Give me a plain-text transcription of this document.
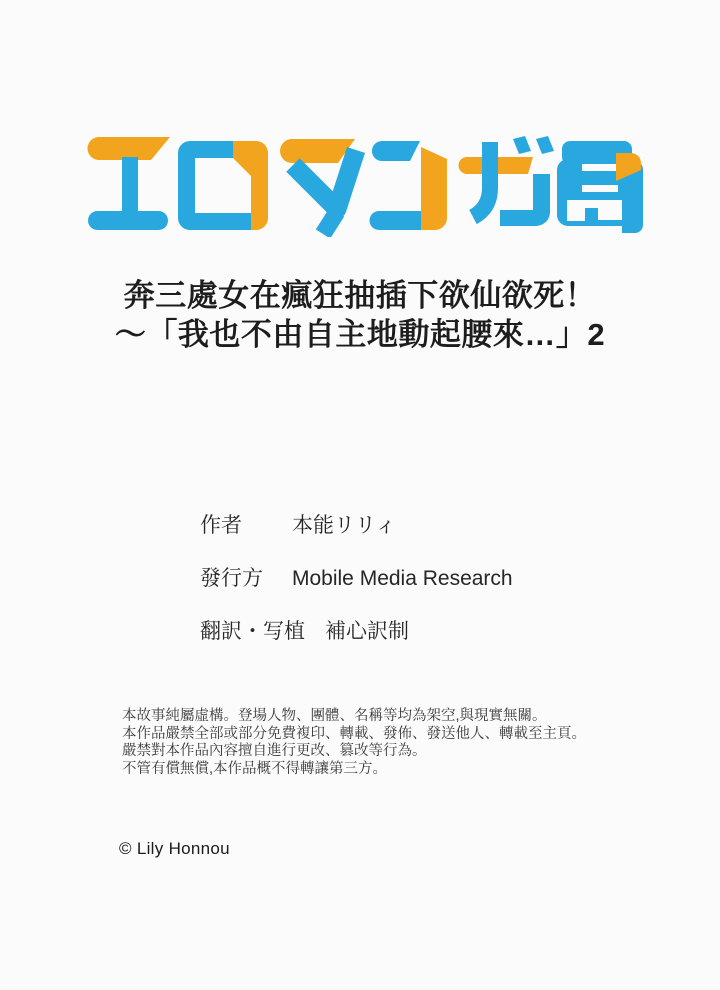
奔三處女在瘋狂抽插下欲仙欲死！
～「我也不由自主地動起腰來…」2
作者	本能リリィ
發行方	Mobile Media Research
翻訳・写植 補心訳制
本故事純屬虛構。登場人物、團體、名稱等均為架空,與現實無關。
本作品嚴禁全部或部分免費複印、轉載、發佈、發送他人、轉載至主頁。
嚴禁對本作品內容擅自進行更改、篡改等行為。
不管有償無償,本作品概不得轉讓第三方。
© Lily Honnou
